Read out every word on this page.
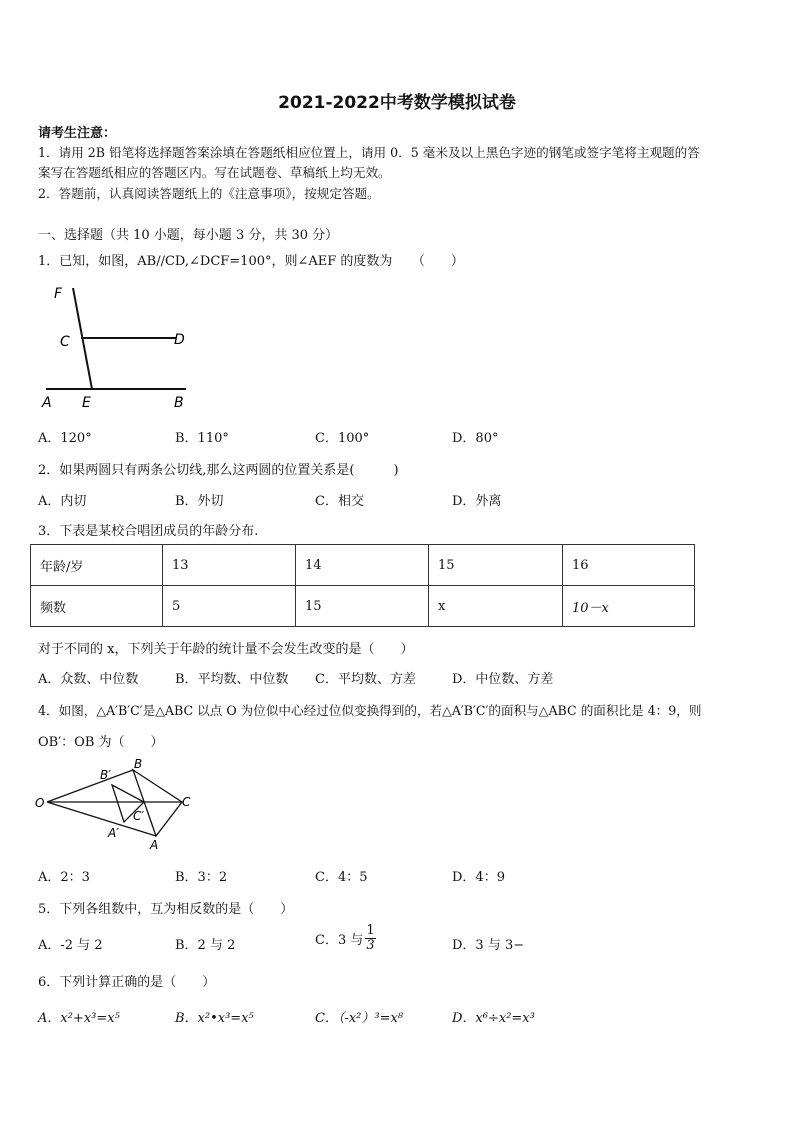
2021-2022中考数学模拟试卷
请考生注意：
1．请用 2B 铅笔将选择题答案涂填在答题纸相应位置上，请用 0．5 毫米及以上黑色字迹的钢笔或签字笔将主观题的答
案写在答题纸相应的答题区内。写在试题卷、草稿纸上均无效。
2．答题前，认真阅读答题纸上的《注意事项》，按规定答题。
一、选择题（共 10 小题，每小题 3 分，共 30 分）
1．已知，如图，AB//CD,∠DCF=100°，则∠AEF 的度数为　　（　　）
F
C	D
A E	B
A．120°	B．110°	C．100°	D．80°
2．如果两圆只有两条公切线,那么这两圆的位置关系是(　　　)
A．内切	B．外切	C．相交	D．外离
3．下表是某校合唱团成员的年龄分布.
年龄/岁	13	14	15	16
频数	5	15	x	10－x
对于不同的 x，下列关于年龄的统计量不会发生改变的是（　　）
A．众数、中位数	B．平均数、中位数 C．平均数、方差	D．中位数、方差
4．如图，△A′B′C′是△ABC 以点 O 为位似中心经过位似变换得到的，若△A′B′C′的面积与△ABC 的面积比是 4：9，则
OB′：OB 为（　　）
O
B′
B
C
C′
A′
A
A．2：3	B．3：2	C．4：5	D．4：9
5．下列各组数中，互为相反数的是（　　）
A．-2 与 2	B．2 与 2	C．3 与 $\frac{1}{3}$	D．3 与 3−
6．下列计算正确的是（　　）
A．x²+x³=x⁵	B．x²•x³=x⁵	C．（-x²）³=x⁸	D．x⁶÷x²=x³
